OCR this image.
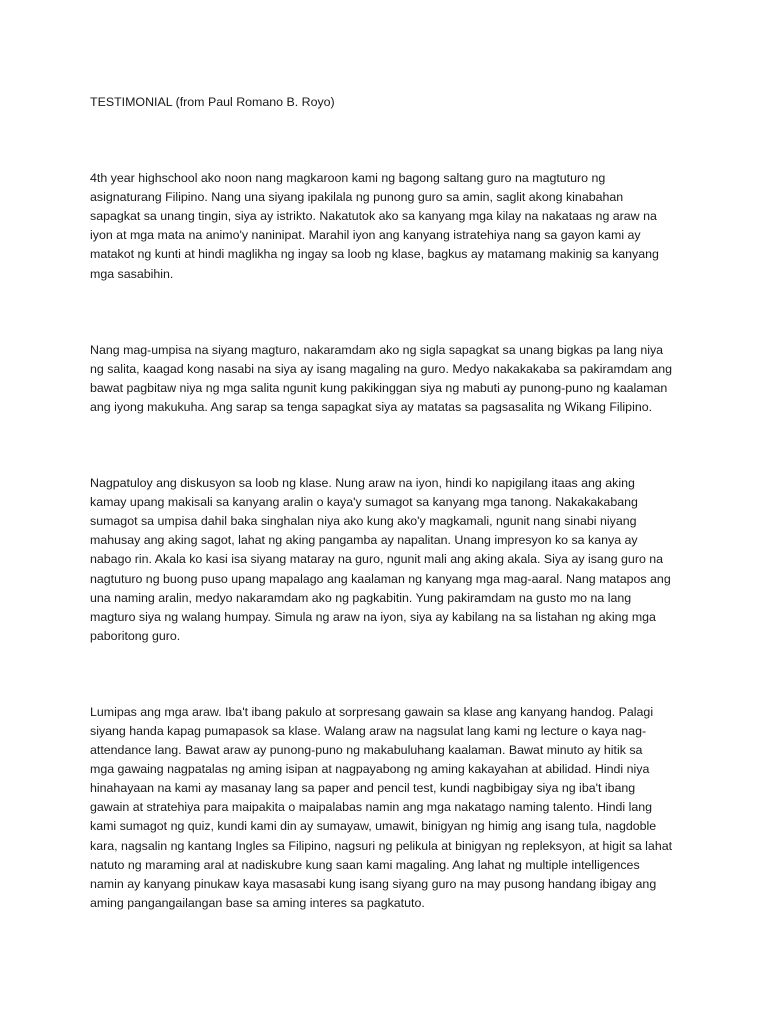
TESTIMONIAL (from Paul Romano B. Royo)

4th year highschool ako noon nang magkaroon kami ng bagong saltang guro na magtuturo ng
asignaturang Filipino. Nang una siyang ipakilala ng punong guro sa amin, saglit akong kinabahan
sapagkat sa unang tingin, siya ay istrikto. Nakatutok ako sa kanyang mga kilay na nakataas ng araw na
iyon at mga mata na animo'y naninipat. Marahil iyon ang kanyang istratehiya nang sa gayon kami ay
matakot ng kunti at hindi maglikha ng ingay sa loob ng klase, bagkus ay matamang makinig sa kanyang
mga sasabihin.

Nang mag-umpisa na siyang magturo, nakaramdam ako ng sigla sapagkat sa unang bigkas pa lang niya
ng salita, kaagad kong nasabi na siya ay isang magaling na guro. Medyo nakakakaba sa pakiramdam ang
bawat pagbitaw niya ng mga salita ngunit kung pakikinggan siya ng mabuti ay punong-puno ng kaalaman
ang iyong makukuha. Ang sarap sa tenga sapagkat siya ay matatas sa pagsasalita ng Wikang Filipino.

Nagpatuloy ang diskusyon sa loob ng klase. Nung araw na iyon, hindi ko napigilang itaas ang aking
kamay upang makisali sa kanyang aralin o kaya'y sumagot sa kanyang mga tanong. Nakakakabang
sumagot sa umpisa dahil baka singhalan niya ako kung ako'y magkamali, ngunit nang sinabi niyang
mahusay ang aking sagot, lahat ng aking pangamba ay napalitan. Unang impresyon ko sa kanya ay
nabago rin. Akala ko kasi isa siyang mataray na guro, ngunit mali ang aking akala. Siya ay isang guro na
nagtuturo ng buong puso upang mapalago ang kaalaman ng kanyang mga mag-aaral. Nang matapos ang
una naming aralin, medyo nakaramdam ako ng pagkabitin. Yung pakiramdam na gusto mo na lang
magturo siya ng walang humpay. Simula ng araw na iyon, siya ay kabilang na sa listahan ng aking mga
paboritong guro.

Lumipas ang mga araw. Iba't ibang pakulo at sorpresang gawain sa klase ang kanyang handog. Palagi
siyang handa kapag pumapasok sa klase. Walang araw na nagsulat lang kami ng lecture o kaya nag-
attendance lang. Bawat araw ay punong-puno ng makabuluhang kaalaman. Bawat minuto ay hitik sa
mga gawaing nagpatalas ng aming isipan at nagpayabong ng aming kakayahan at abilidad. Hindi niya
hinahayaan na kami ay masanay lang sa paper and pencil test, kundi nagbibigay siya ng iba't ibang
gawain at stratehiya para maipakita o maipalabas namin ang mga nakatago naming talento. Hindi lang
kami sumagot ng quiz, kundi kami din ay sumayaw, umawit, binigyan ng himig ang isang tula, nagdoble
kara, nagsalin ng kantang Ingles sa Filipino, nagsuri ng pelikula at binigyan ng repleksyon, at higit sa lahat
natuto ng maraming aral at nadiskubre kung saan kami magaling. Ang lahat ng multiple intelligences
namin ay kanyang pinukaw kaya masasabi kung isang siyang guro na may pusong handang ibigay ang
aming pangangailangan base sa aming interes sa pagkatuto.
